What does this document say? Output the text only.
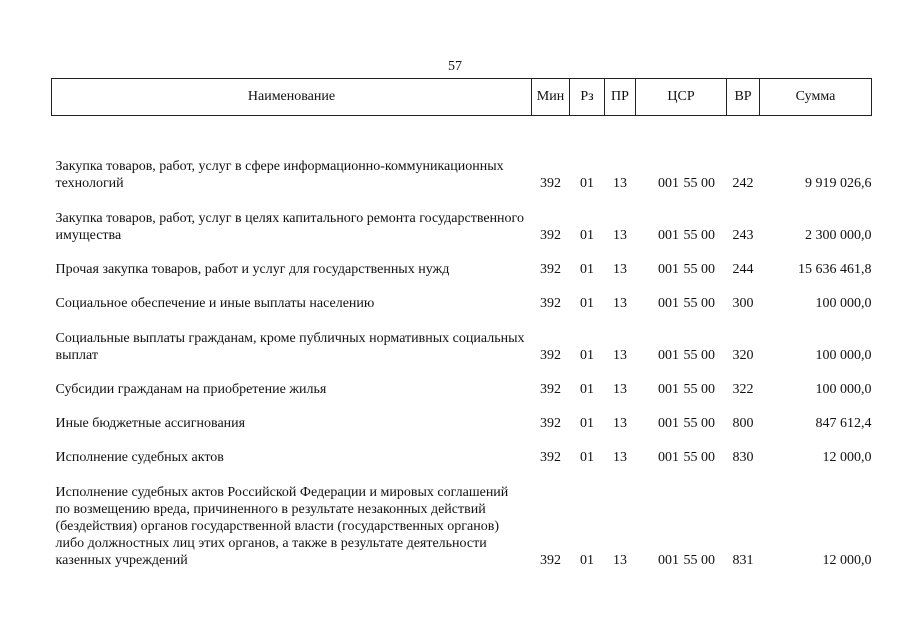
57
Наименование	Мин	Рз	ПР	ЦСР	ВР	Сумма

Закупка товаров, работ, услуг в сфере информационно-коммуникационных технологий	392	01	13	001 55 00	242	9 919 026,6
Закупка товаров, работ, услуг в целях капитального ремонта государственного имущества	392	01	13	001 55 00	243	2 300 000,0
Прочая закупка товаров, работ и услуг для государственных нужд	392	01	13	001 55 00	244	15 636 461,8
Социальное обеспечение и иные выплаты населению	392	01	13	001 55 00	300	100 000,0
Социальные выплаты гражданам, кроме публичных нормативных социальных выплат	392	01	13	001 55 00	320	100 000,0
Субсидии гражданам на приобретение жилья	392	01	13	001 55 00	322	100 000,0
Иные бюджетные ассигнования	392	01	13	001 55 00	800	847 612,4
Исполнение судебных актов	392	01	13	001 55 00	830	12 000,0
Исполнение судебных актов Российской Федерации и мировых соглашений по возмещению вреда, причиненного в результате незаконных действий (бездействия) органов государственной власти (государственных органов) либо должностных лиц этих органов, а также в результате деятельности казенных учреждений	392	01	13	001 55 00	831	12 000,0
